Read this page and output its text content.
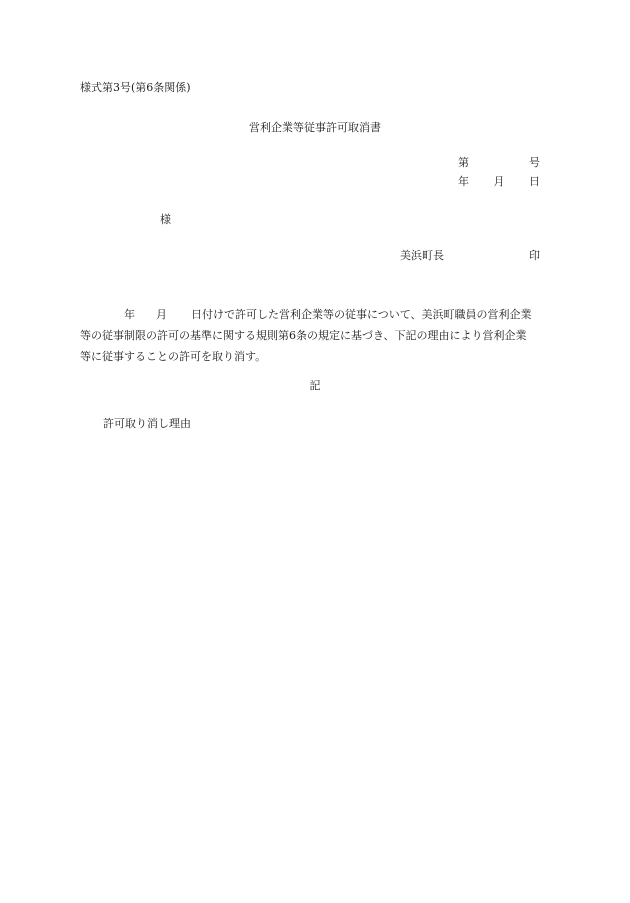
様式第3号(第6条関係)
営利企業等従事許可取消書
第	号
年 月 日
様
美浜町長	印
年 月 日付けで許可した営利企業等の従事について、美浜町職員の営利企業
等の従事制限の許可の基準に関する規則第6条の規定に基づき、下記の理由により営利企業
等に従事することの許可を取り消す。
記
許可取り消し理由
